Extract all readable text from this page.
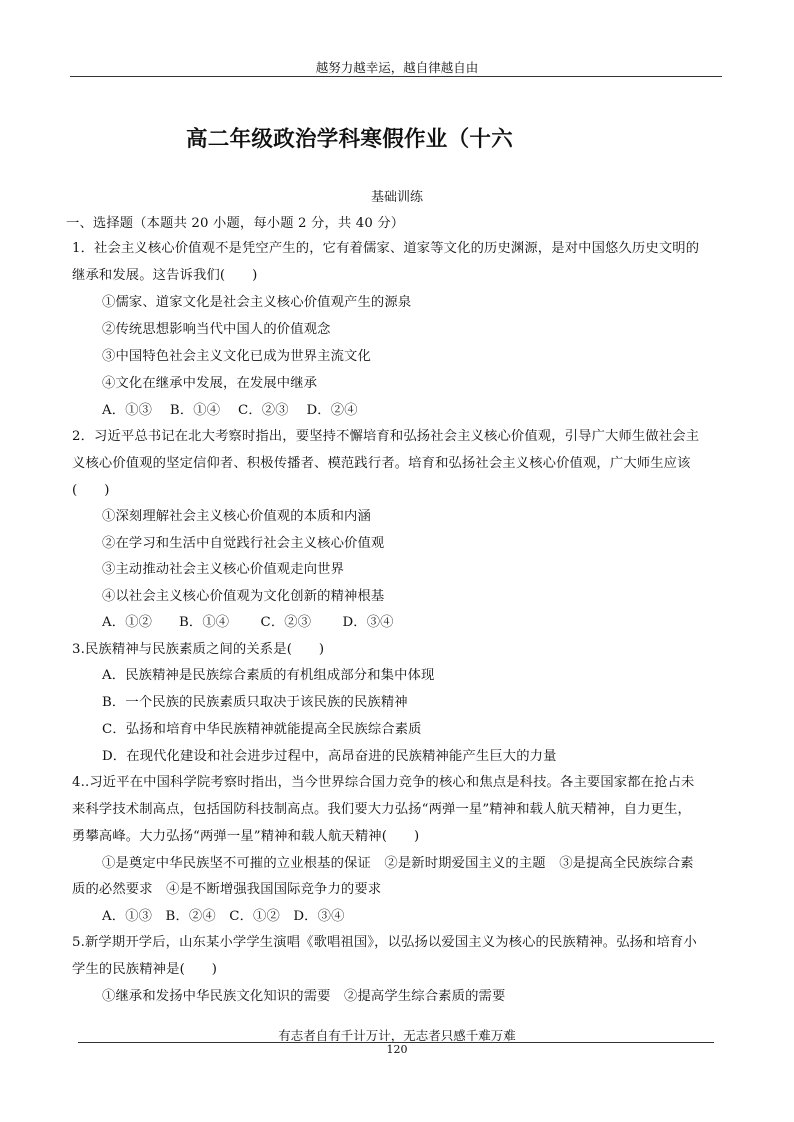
越努力越幸运，越自律越自由
高二年级政治学科寒假作业（十六
基础训练
一、选择题（本题共 20 小题，每小题 2 分，共 40 分）
1．社会主义核心价值观不是凭空产生的，它有着儒家、道家等文化的历史渊源，是对中国悠久历史文明的
继承和发展。这告诉我们(　　)
①儒家、道家文化是社会主义核心价值观产生的源泉
②传统思想影响当代中国人的价值观念
③中国特色社会主义文化已成为世界主流文化
④文化在继承中发展，在发展中继承
A．①③　 B．①④ 　C．②③ 　D．②④
2．习近平总书记在北大考察时指出，要坚持不懈培育和弘扬社会主义核心价值观，引导广大师生做社会主
义核心价值观的坚定信仰者、积极传播者、模范践行者。培育和弘扬社会主义核心价值观，广大师生应该
(　　)
①深刻理解社会主义核心价值观的本质和内涵
②在学习和生活中自觉践行社会主义核心价值观
③主动推动社会主义核心价值观走向世界
④以社会主义核心价值观为文化创新的精神根基
A．①②　　B．①④　　 C．②③　　 D．③④
3.民族精神与民族素质之间的关系是(　　)
A．民族精神是民族综合素质的有机组成部分和集中体现
B．一个民族的民族素质只取决于该民族的民族精神
C．弘扬和培育中华民族精神就能提高全民族综合素质
D．在现代化建设和社会进步过程中，高昂奋进的民族精神能产生巨大的力量
4..习近平在中国科学院考察时指出，当今世界综合国力竞争的核心和焦点是科技。各主要国家都在抢占未
来科学技术制高点，包括国防科技制高点。我们要大力弘扬“两弹一星”精神和载人航天精神，自力更生，
勇攀高峰。大力弘扬“两弹一星”精神和载人航天精神(　　)
①是奠定中华民族坚不可摧的立业根基的保证　②是新时期爱国主义的主题　③是提高全民族综合素
质的必然要求　④是不断增强我国国际竞争力的要求
A．①③　B．②④　C．①②　D．③④
5.新学期开学后，山东某小学学生演唱《歌唱祖国》，以弘扬以爱国主义为核心的民族精神。弘扬和培育小
学生的民族精神是(　　)
①继承和发扬中华民族文化知识的需要　②提高学生综合素质的需要
有志者自有千计万计，无志者只感千难万难
120
